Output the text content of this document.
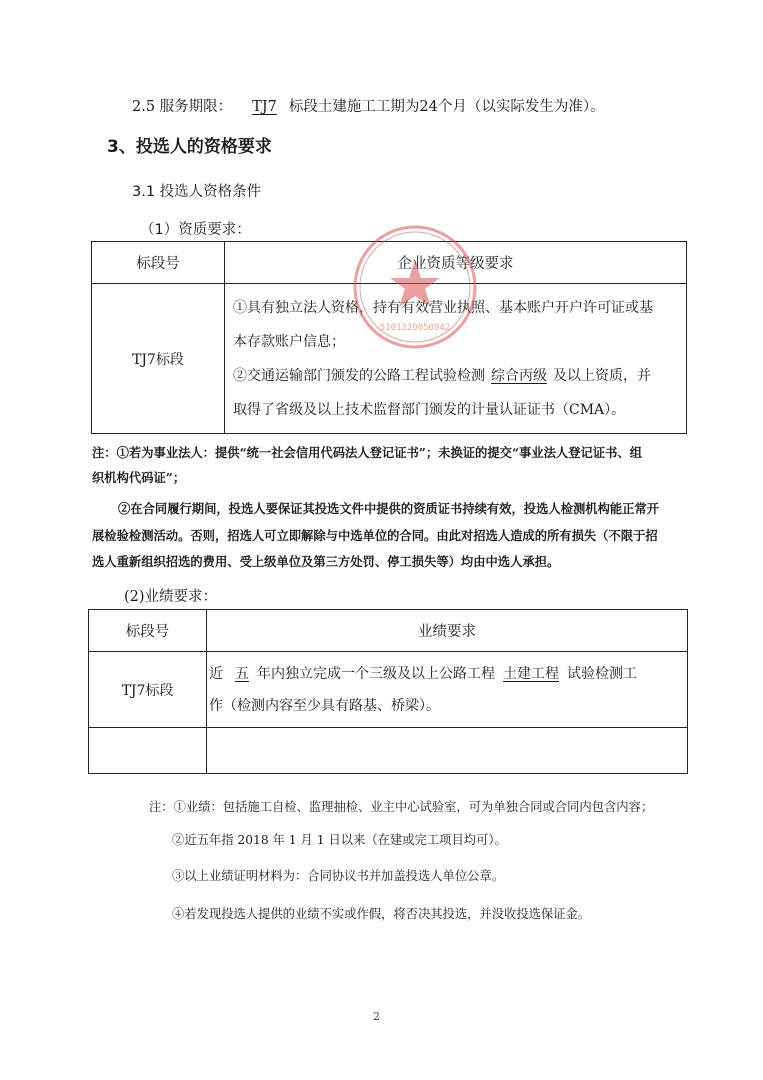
2.5 服务期限： TJ7 标段土建施工工期为24个月（以实际发生为准）。
3、投选人的资格要求
3.1 投选人资格条件
（1）资质要求：
标段号	企业资质等级要求
TJ7标段	①具有独立法人资格，持有有效营业执照、基本账户开户许可证或基
本存款账户信息；
②交通运输部门颁发的公路工程试验检测 综合丙级 及以上资质，并
取得了省级及以上技术监督部门颁发的计量认证证书（CMA）。
5101320050942
注：①若为事业法人：提供“统一社会信用代码法人登记证书”；未换证的提交“事业法人登记证书、组
织机构代码证”；
②在合同履行期间，投选人要保证其投选文件中提供的资质证书持续有效，投选人检测机构能正常开
展检验检测活动。否则，招选人可立即解除与中选单位的合同。由此对招选人造成的所有损失（不限于招
选人重新组织招选的费用、受上级单位及第三方处罚、停工损失等）均由中选人承担。
(2)业绩要求：
标段号	业绩要求
TJ7标段	近 五 年内独立完成一个三级及以上公路工程 土建工程 试验检测工
作（检测内容至少具有路基、桥梁）。

注：①业绩：包括施工自检、监理抽检、业主中心试验室，可为单独合同或合同内包含内容；
②近五年指 2018 年 1 月 1 日以来（在建或完工项目均可）。
③以上业绩证明材料为：合同协议书并加盖投选人单位公章。
④若发现投选人提供的业绩不实或作假，将否决其投选，并没收投选保证金。
2
